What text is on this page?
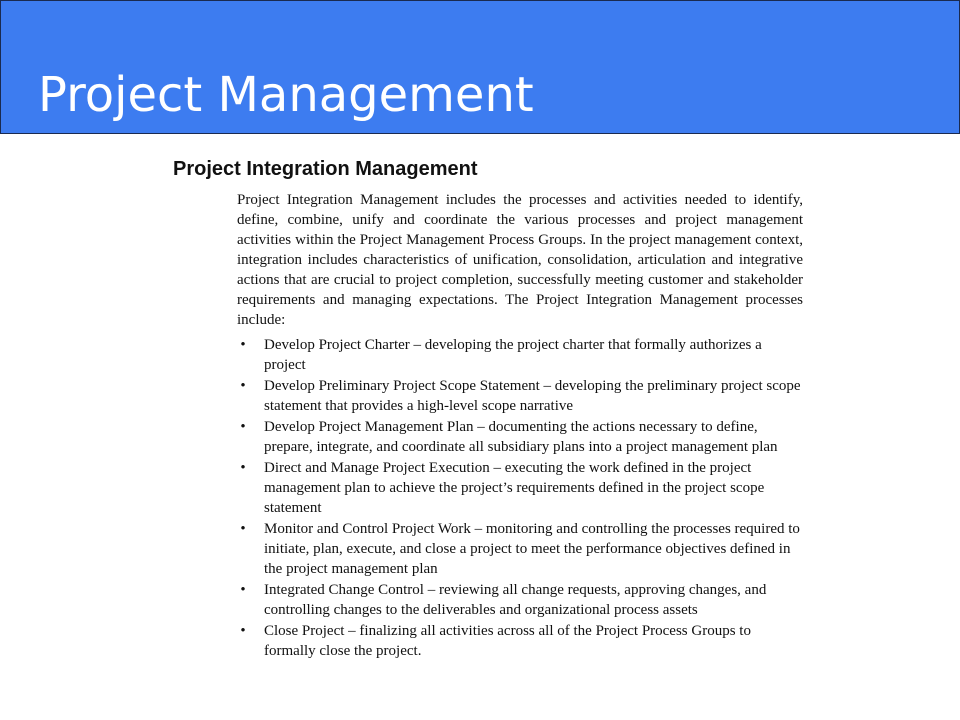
Project Management
Project Integration Management

Project Integration Management includes the processes and activities needed to identify, define, combine, unify and coordinate the various processes and project management activities within the Project Management Process Groups. In the project management context, integration includes characteristics of unification, consolidation, articulation and integrative actions that are crucial to project completion, successfully meeting customer and stakeholder requirements and managing expectations. The Project Integration Management processes include:

• Develop Project Charter – developing the project charter that formally authorizes a project
• Develop Preliminary Project Scope Statement – developing the preliminary project scope statement that provides a high-level scope narrative
• Develop Project Management Plan – documenting the actions necessary to define, prepare, integrate, and coordinate all subsidiary plans into a project management plan
• Direct and Manage Project Execution – executing the work defined in the project management plan to achieve the project’s requirements defined in the project scope statement
• Monitor and Control Project Work – monitoring and controlling the processes required to initiate, plan, execute, and close a project to meet the performance objectives defined in the project management plan
• Integrated Change Control – reviewing all change requests, approving changes, and controlling changes to the deliverables and organizational process assets
• Close Project – finalizing all activities across all of the Project Process Groups to formally close the project.
